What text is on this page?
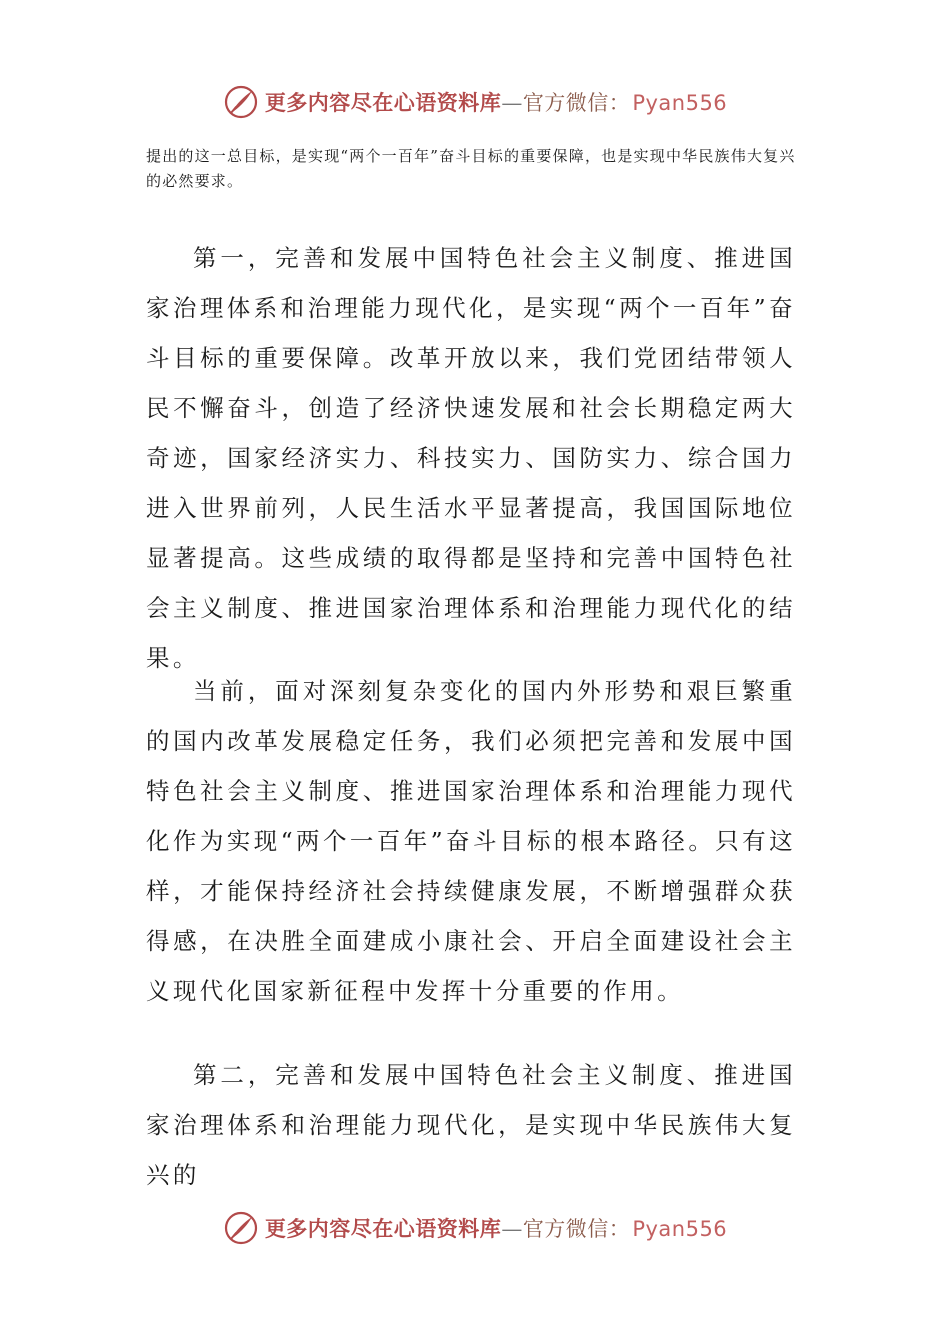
更多内容尽在心语资料库—官方微信：Pyan556

提出的这一总目标，是实现“两个一百年”奋斗目标的重要保障，也是实现中华民族伟大复兴的必然要求。

第一，完善和发展中国特色社会主义制度、推进国家治理体系和治理能力现代化，是实现“两个一百年”奋斗目标的重要保障。改革开放以来，我们党团结带领人民不懈奋斗，创造了经济快速发展和社会长期稳定两大奇迹，国家经济实力、科技实力、国防实力、综合国力进入世界前列，人民生活水平显著提高，我国国际地位显著提高。这些成绩的取得都是坚持和完善中国特色社会主义制度、推进国家治理体系和治理能力现代化的结果。

当前，面对深刻复杂变化的国内外形势和艰巨繁重的国内改革发展稳定任务，我们必须把完善和发展中国特色社会主义制度、推进国家治理体系和治理能力现代化作为实现“两个一百年”奋斗目标的根本路径。只有这样，才能保持经济社会持续健康发展，不断增强群众获得感，在决胜全面建成小康社会、开启全面建设社会主义现代化国家新征程中发挥十分重要的作用。

第二，完善和发展中国特色社会主义制度、推进国家治理体系和治理能力现代化，是实现中华民族伟大复兴的

更多内容尽在心语资料库—官方微信：Pyan556
